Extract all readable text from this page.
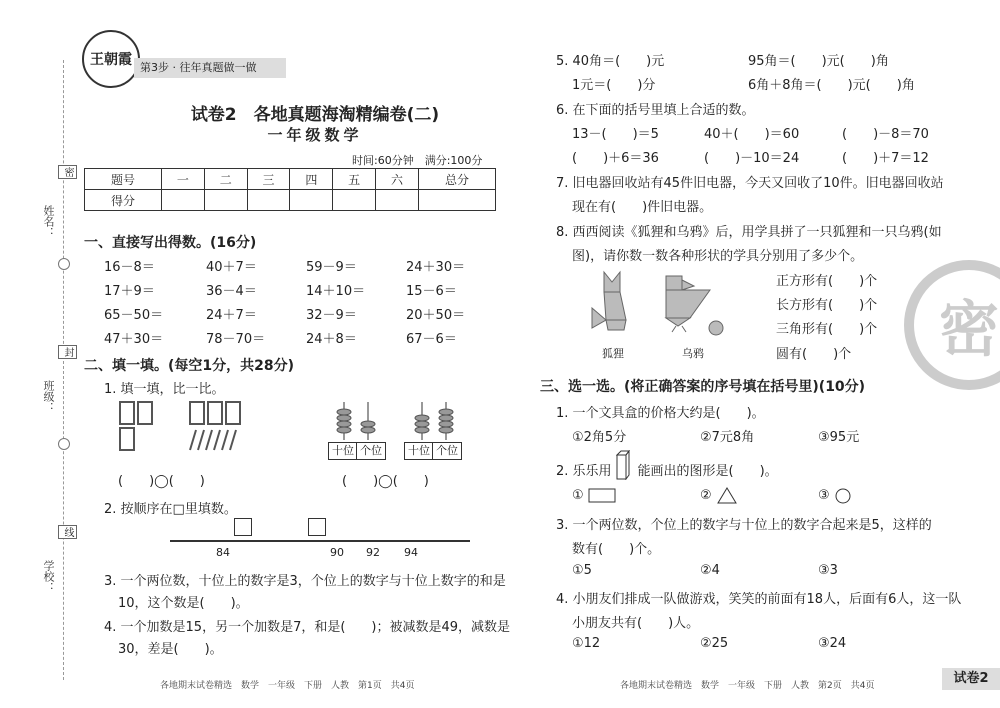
姓名：
班级：
学校：
密
封
线
王朝霞 第3步 · 往年真题做一做
试卷2　各地真题海淘精编卷(二)
一年级数学
时间:60分钟　满分:100分
题号	一	二	三	四	五	六	总分
得分							
一、直接写出得数。(16分)
16－8＝	40＋7＝	59－9＝	24＋30＝
17＋9＝	36－4＝	14＋10＝	15－6＝
65－50＝	24＋7＝	32－9＝	20＋50＝
47＋30＝	78－70＝	24＋8＝	67－6＝
二、填一填。(每空1分，共28分)
1. 填一填，比一比。
十位 个位	十位 个位
(　　)◯(　　)	(　　)◯(　　)
2. 按顺序在□里填数。
84	90 92 94
3. 一个两位数，十位上的数字是3，个位上的数字与十位上数字的和是
10，这个数是(　　)。
4. 一个加数是15，另一个加数是7，和是(　　)；被减数是49，减数是
30，差是(　　)。
各地期末试卷精选　数学　一年级　下册　人教　第1页　共4页
5. 40角＝(　　)元	95角＝(　　)元(　　)角
1元＝(　　)分	6角＋8角＝(　　)元(　　)角
6. 在下面的括号里填上合适的数。
13－(　　)＝5	40＋(　　)＝60	(　　)－8＝70
(　　)＋6＝36	(　　)－10＝24	(　　)＋7＝12
7. 旧电器回收站有45件旧电器，今天又回收了10件。旧电器回收站
现在有(　　)件旧电器。
8. 西西阅读《狐狸和乌鸦》后，用学具拼了一只狐狸和一只乌鸦(如
图)，请你数一数各种形状的学具分别用了多少个。
狐狸	乌鸦
正方形有(　　)个
长方形有(　　)个
三角形有(　　)个
圆有(　　)个	密
三、选一选。(将正确答案的序号填在括号里)(10分)
1. 一个文具盒的价格大约是(　　)。
①2角5分	②7元8角	③95元
2. 乐乐用　　能画出的图形是(　　)。
①	②	③
3. 一个两位数，个位上的数字与十位上的数字合起来是5，这样的
数有(　　)个。
①5	②4	③3
4. 小朋友们排成一队做游戏，笑笑的前面有18人，后面有6人，这一队
小朋友共有(　　)人。
①12	②25	③24
各地期末试卷精选　数学　一年级　下册　人教　第2页　共4页	试卷2
